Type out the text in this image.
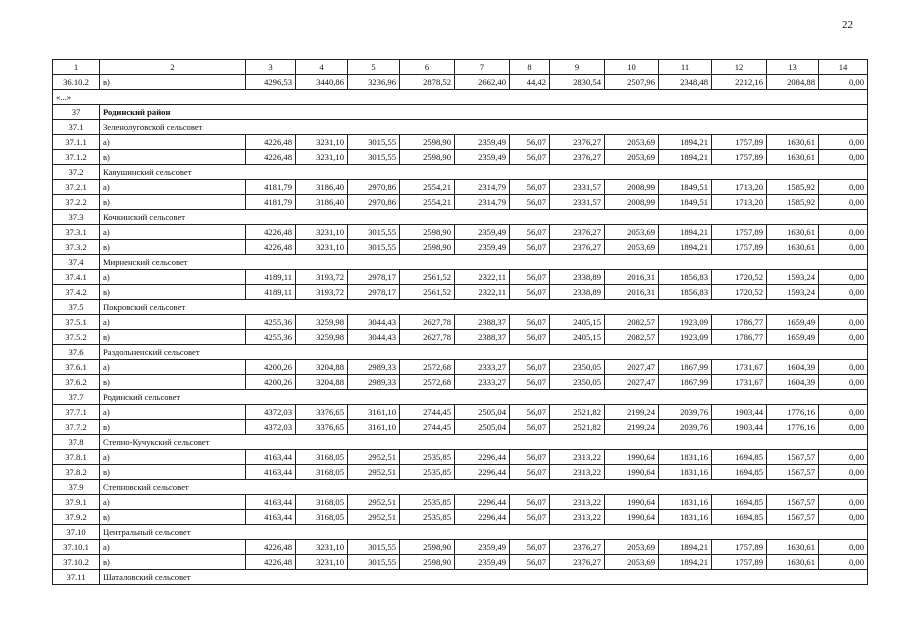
22
1	2	3	4	5	6	7	8	9	10	11	12	13	14
36.10.2	в)	4296,53	3440,86	3236,96	2878,52	2662,40	44,42	2830,54	2507,96	2348,48	2212,16	2084,88	0,00
«...»													
37	Родинский район												
37.1	Зеленолуговской сельсовет												
37.1.1	а)	4226,48	3231,10	3015,55	2598,90	2359,49	56,07	2376,27	2053,69	1894,21	1757,89	1630,61	0,00
37.1.2	в)	4226,48	3231,10	3015,55	2598,90	2359,49	56,07	2376,27	2053,69	1894,21	1757,89	1630,61	0,00
37.2	Каяушинский сельсовет												
37.2.1	а)	4181,79	3186,40	2970,86	2554,21	2314,79	56,07	2331,57	2008,99	1849,51	1713,20	1585,92	0,00
37.2.2	в)	4181,79	3186,40	2970,86	2554,21	2314,79	56,07	2331,57	2008,99	1849,51	1713,20	1585,92	0,00
37.3	Кочкинский сельсовет												
37.3.1	а)	4226,48	3231,10	3015,55	2598,90	2359,49	56,07	2376,27	2053,69	1894,21	1757,89	1630,61	0,00
37.3.2	в)	4226,48	3231,10	3015,55	2598,90	2359,49	56,07	2376,27	2053,69	1894,21	1757,89	1630,61	0,00
37.4	Мирненский сельсовет												
37.4.1	а)	4189,11	3193,72	2978,17	2561,52	2322,11	56,07	2338,89	2016,31	1856,83	1720,52	1593,24	0,00
37.4.2	в)	4189,11	3193,72	2978,17	2561,52	2322,11	56,07	2338,89	2016,31	1856,83	1720,52	1593,24	0,00
37.5	Покровский сельсовет												
37.5.1	а)	4255,36	3259,98	3044,43	2627,78	2388,37	56,07	2405,15	2082,57	1923,09	1786,77	1659,49	0,00
37.5.2	в)	4255,36	3259,98	3044,43	2627,78	2388,37	56,07	2405,15	2082,57	1923,09	1786,77	1659,49	0,00
37.6	Раздольненский сельсовет												
37.6.1	а)	4200,26	3204,88	2989,33	2572,68	2333,27	56,07	2350,05	2027,47	1867,99	1731,67	1604,39	0,00
37.6.2	в)	4200,26	3204,88	2989,33	2572,68	2333,27	56,07	2350,05	2027,47	1867,99	1731,67	1604,39	0,00
37.7	Родинский сельсовет												
37.7.1	а)	4372,03	3376,65	3161,10	2744,45	2505,04	56,07	2521,82	2199,24	2039,76	1903,44	1776,16	0,00
37.7.2	в)	4372,03	3376,65	3161,10	2744,45	2505,04	56,07	2521,82	2199,24	2039,76	1903,44	1776,16	0,00
37.8	Степно-Кучукский сельсовет												
37.8.1	а)	4163,44	3168,05	2952,51	2535,85	2296,44	56,07	2313,22	1990,64	1831,16	1694,85	1567,57	0,00
37.8.2	в)	4163,44	3168,05	2952,51	2535,85	2296,44	56,07	2313,22	1990,64	1831,16	1694,85	1567,57	0,00
37.9	Степновский сельсовет												
37.9.1	а)	4163,44	3168,05	2952,51	2535,85	2296,44	56,07	2313,22	1990,64	1831,16	1694,85	1567,57	0,00
37.9.2	в)	4163,44	3168,05	2952,51	2535,85	2296,44	56,07	2313,22	1990,64	1831,16	1694,85	1567,57	0,00
37.10	Центральный сельсовет												
37.10.1	а)	4226,48	3231,10	3015,55	2598,90	2359,49	56,07	2376,27	2053,69	1894,21	1757,89	1630,61	0,00
37.10.2	в)	4226,48	3231,10	3015,55	2598,90	2359,49	56,07	2376,27	2053,69	1894,21	1757,89	1630,61	0,00
37.11	Шаталовский сельсовет												
